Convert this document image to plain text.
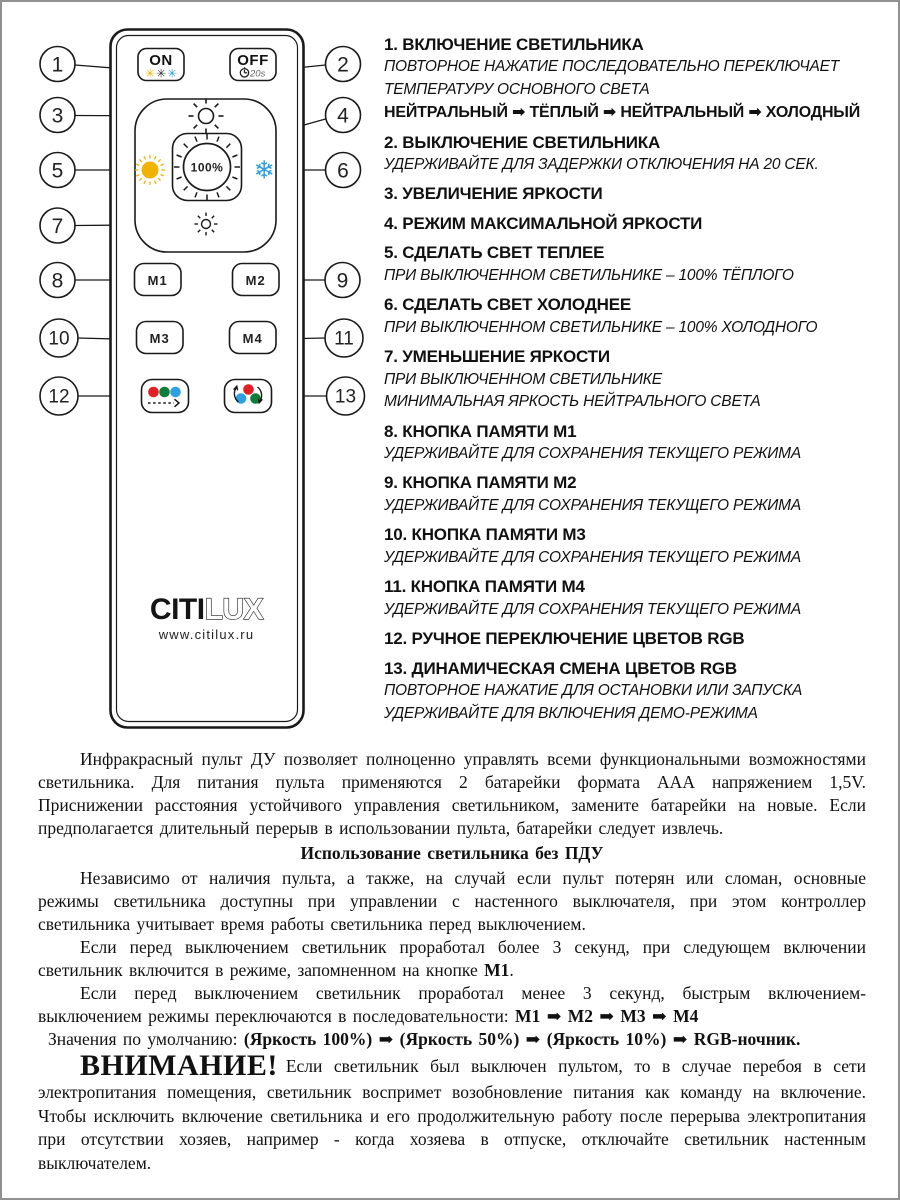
ON
✳ ✳ ✳
OFF
20s
❄
100%
M1	M2
M3	M4
CITILUX
www.citilux.ru
1	2
3	4
5	6
7
8	9
10	11
12	13
1. ВКЛЮЧЕНИЕ СВЕТИЛЬНИКА
ПОВТОРНОЕ НАЖАТИЕ ПОСЛЕДОВАТЕЛЬНО ПЕРЕКЛЮЧАЕТ
ТЕМПЕРАТУРУ ОСНОВНОГО СВЕТА
НЕЙТРАЛЬНЫЙ ➡ ТЁПЛЫЙ ➡ НЕЙТРАЛЬНЫЙ ➡ ХОЛОДНЫЙ
2. ВЫКЛЮЧЕНИЕ СВЕТИЛЬНИКА
УДЕРЖИВАЙТЕ ДЛЯ ЗАДЕРЖКИ ОТКЛЮЧЕНИЯ НА 20 СЕК.
3. УВЕЛИЧЕНИЕ ЯРКОСТИ
4. РЕЖИМ МАКСИМАЛЬНОЙ ЯРКОСТИ
5. СДЕЛАТЬ СВЕТ ТЕПЛЕЕ
ПРИ ВЫКЛЮЧЕННОМ СВЕТИЛЬНИКЕ – 100% ТЁПЛОГО
6. СДЕЛАТЬ СВЕТ ХОЛОДНЕЕ
ПРИ ВЫКЛЮЧЕННОМ СВЕТИЛЬНИКЕ – 100% ХОЛОДНОГО
7. УМЕНЬШЕНИЕ ЯРКОСТИ
ПРИ ВЫКЛЮЧЕННОМ СВЕТИЛЬНИКЕ
МИНИМАЛЬНАЯ ЯРКОСТЬ НЕЙТРАЛЬНОГО СВЕТА
8. КНОПКА ПАМЯТИ М1
УДЕРЖИВАЙТЕ ДЛЯ СОХРАНЕНИЯ ТЕКУЩЕГО РЕЖИМА
9. КНОПКА ПАМЯТИ М2
УДЕРЖИВАЙТЕ ДЛЯ СОХРАНЕНИЯ ТЕКУЩЕГО РЕЖИМА
10. КНОПКА ПАМЯТИ М3
УДЕРЖИВАЙТЕ ДЛЯ СОХРАНЕНИЯ ТЕКУЩЕГО РЕЖИМА
11. КНОПКА ПАМЯТИ М4
УДЕРЖИВАЙТЕ ДЛЯ СОХРАНЕНИЯ ТЕКУЩЕГО РЕЖИМА
12. РУЧНОЕ ПЕРЕКЛЮЧЕНИЕ ЦВЕТОВ RGB
13. ДИНАМИЧЕСКАЯ СМЕНА ЦВЕТОВ RGB
ПОВТОРНОЕ НАЖАТИЕ ДЛЯ ОСТАНОВКИ ИЛИ ЗАПУСКА
УДЕРЖИВАЙТЕ ДЛЯ ВКЛЮЧЕНИЯ ДЕМО-РЕЖИМА

Инфракрасный пульт ДУ позволяет полноценно управлять всеми функциональными возможностями светильника. Для питания пульта применяются 2 батарейки формата ААА напряжением 1,5V. Приснижении расстояния устойчивого управления светильником, замените батарейки на новые. Если предполагается длительный перерыв в использовании пульта, батарейки следует извлечь.

Использование светильника без ПДУ

Независимо от наличия пульта, а также, на случай если пульт потерян или сломан, основные режимы светильника доступны при управлении с настенного выключателя, при этом контроллер светильника учитывает время работы светильника перед выключением.

Если перед выключением светильник проработал более 3 секунд, при следующем включении светильник включится в режиме, запомненном на кнопке М1.

Если перед выключением светильник проработал менее 3 секунд, быстрым включением-выключением режимы переключаются в последовательности: М1 ➡ М2 ➡ М3 ➡ М4

Значения по умолчанию: (Яркость 100%) ➡ (Яркость 50%) ➡ (Яркость 10%) ➡ RGB-ночник.

ВНИМАНИЕ! Если светильник был выключен пультом, то в случае перебоя в сети электропитания помещения, светильник воспримет возобновление питания как команду на включение. Чтобы исключить включение светильника и его продолжительную работу после перерыва электропитания при отсутствии хозяев, например - когда хозяева в отпуске, отключайте светильник настенным выключателем.
